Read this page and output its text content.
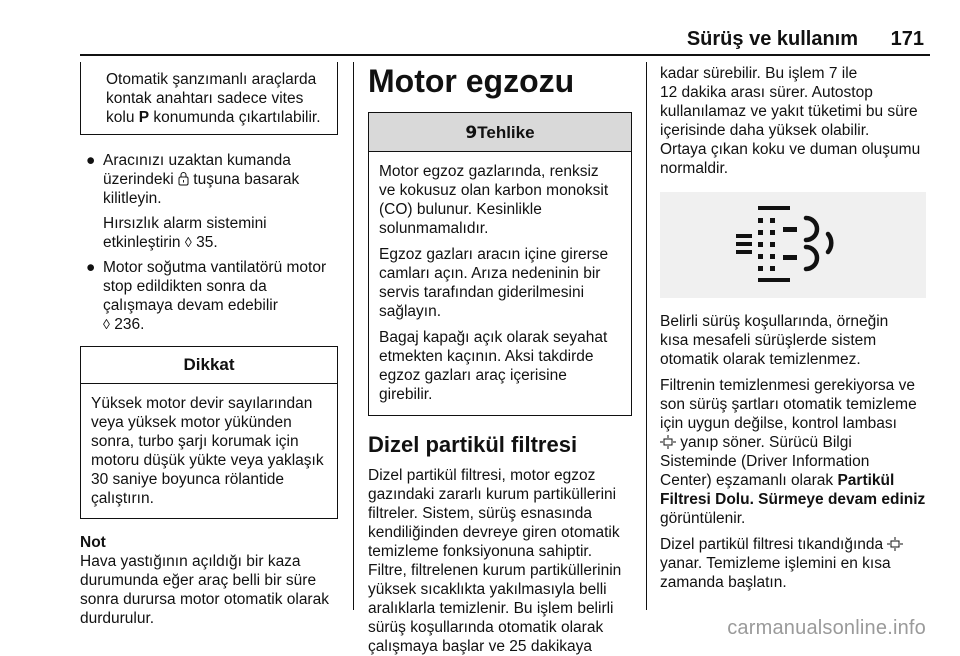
Sürüş ve kullanım 171
Otomatik şanzımanlı araçlarda
kontak anahtarı sadece vites
kolu P konumunda çıkartılabilir.
● Aracınızı uzaktan kumanda
üzerindeki  tuşuna basarak
kilitleyin.
Hırsızlık alarm sistemini
etkinleştirin ◊ 35.
● Motor soğutma vantilatörü motor
stop edildikten sonra da
çalışmaya devam edebilir
◊ 236.
Dikkat
Yüksek motor devir sayılarından
veya yüksek motor yükünden
sonra, turbo şarjı korumak için
motoru düşük yükte veya yaklaşık
30 saniye boyunca rölantide
çalıştırın.
Not
Hava yastığının açıldığı bir kaza
durumunda eğer araç belli bir süre
sonra durursa motor otomatik olarak
durdurulur.
Motor egzozu
9Tehlike

Motor egzoz gazlarında, renksiz
ve kokusuz olan karbon monoksit
(CO) bulunur. Kesinlikle
solunmamalıdır.

Egzoz gazları aracın içine girerse
camları açın. Arıza nedeninin bir
servis tarafından giderilmesini
sağlayın.

Bagaj kapağı açık olarak seyahat
etmekten kaçının. Aksi takdirde
egzoz gazları araç içerisine
girebilir.

Dizel partikül filtresi
Dizel partikül filtresi, motor egzoz
gazındaki zararlı kurum partiküllerini
filtreler. Sistem, sürüş esnasında
kendiliğinden devreye giren otomatik
temizleme fonksiyonuna sahiptir.
Filtre, filtrelenen kurum partiküllerinin
yüksek sıcaklıkta yakılmasıyla belli
aralıklarla temizlenir. Bu işlem belirli
sürüş koşullarında otomatik olarak
çalışmaya başlar ve 25 dakikaya

kadar sürebilir. Bu işlem 7 ile
12 dakika arası sürer. Autostop
kullanılamaz ve yakıt tüketimi bu süre
içerisinde daha yüksek olabilir.
Ortaya çıkan koku ve duman oluşumu
normaldir.

Belirli sürüş koşullarında, örneğin
kısa mesafeli sürüşlerde sistem
otomatik olarak temizlenmez.

Filtrenin temizlenmesi gerekiyorsa ve
son sürüş şartları otomatik temizleme
için uygun değilse, kontrol lambası
yanıp söner. Sürücü Bilgi
Sisteminde (Driver Information
Center) eşzamanlı olarak Partikül
Filtresi Dolu. Sürmeye devam ediniz
görüntülenir.

Dizel partikül filtresi tıkandığında
yanar. Temizleme işlemini en kısa
zamanda başlatın.

carmanualsonline.info
